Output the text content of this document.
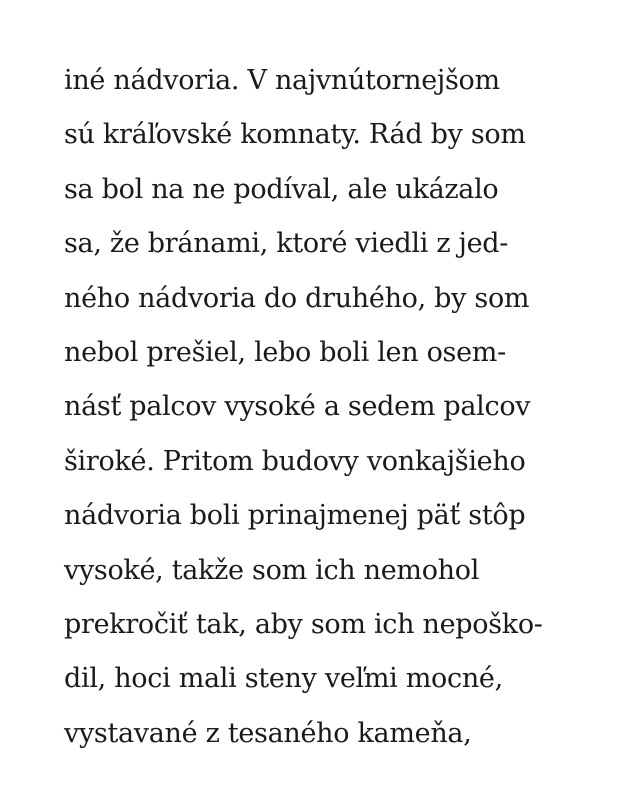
iné nádvoria. V najvnútornejšom
sú kráľovské komnaty. Rád by som
sa bol na ne podíval, ale ukázalo
sa, že bránami, ktoré viedli z jed-
ného nádvoria do druhého, by som
nebol prešiel, lebo boli len osem-
násť palcov vysoké a sedem palcov
široké. Pritom budovy vonkajšieho
nádvoria boli prinajmenej päť stôp
vysoké, takže som ich nemohol
prekročiť tak, aby som ich nepoško-
dil, hoci mali steny veľmi mocné,
vystavané z tesaného kameňa,
